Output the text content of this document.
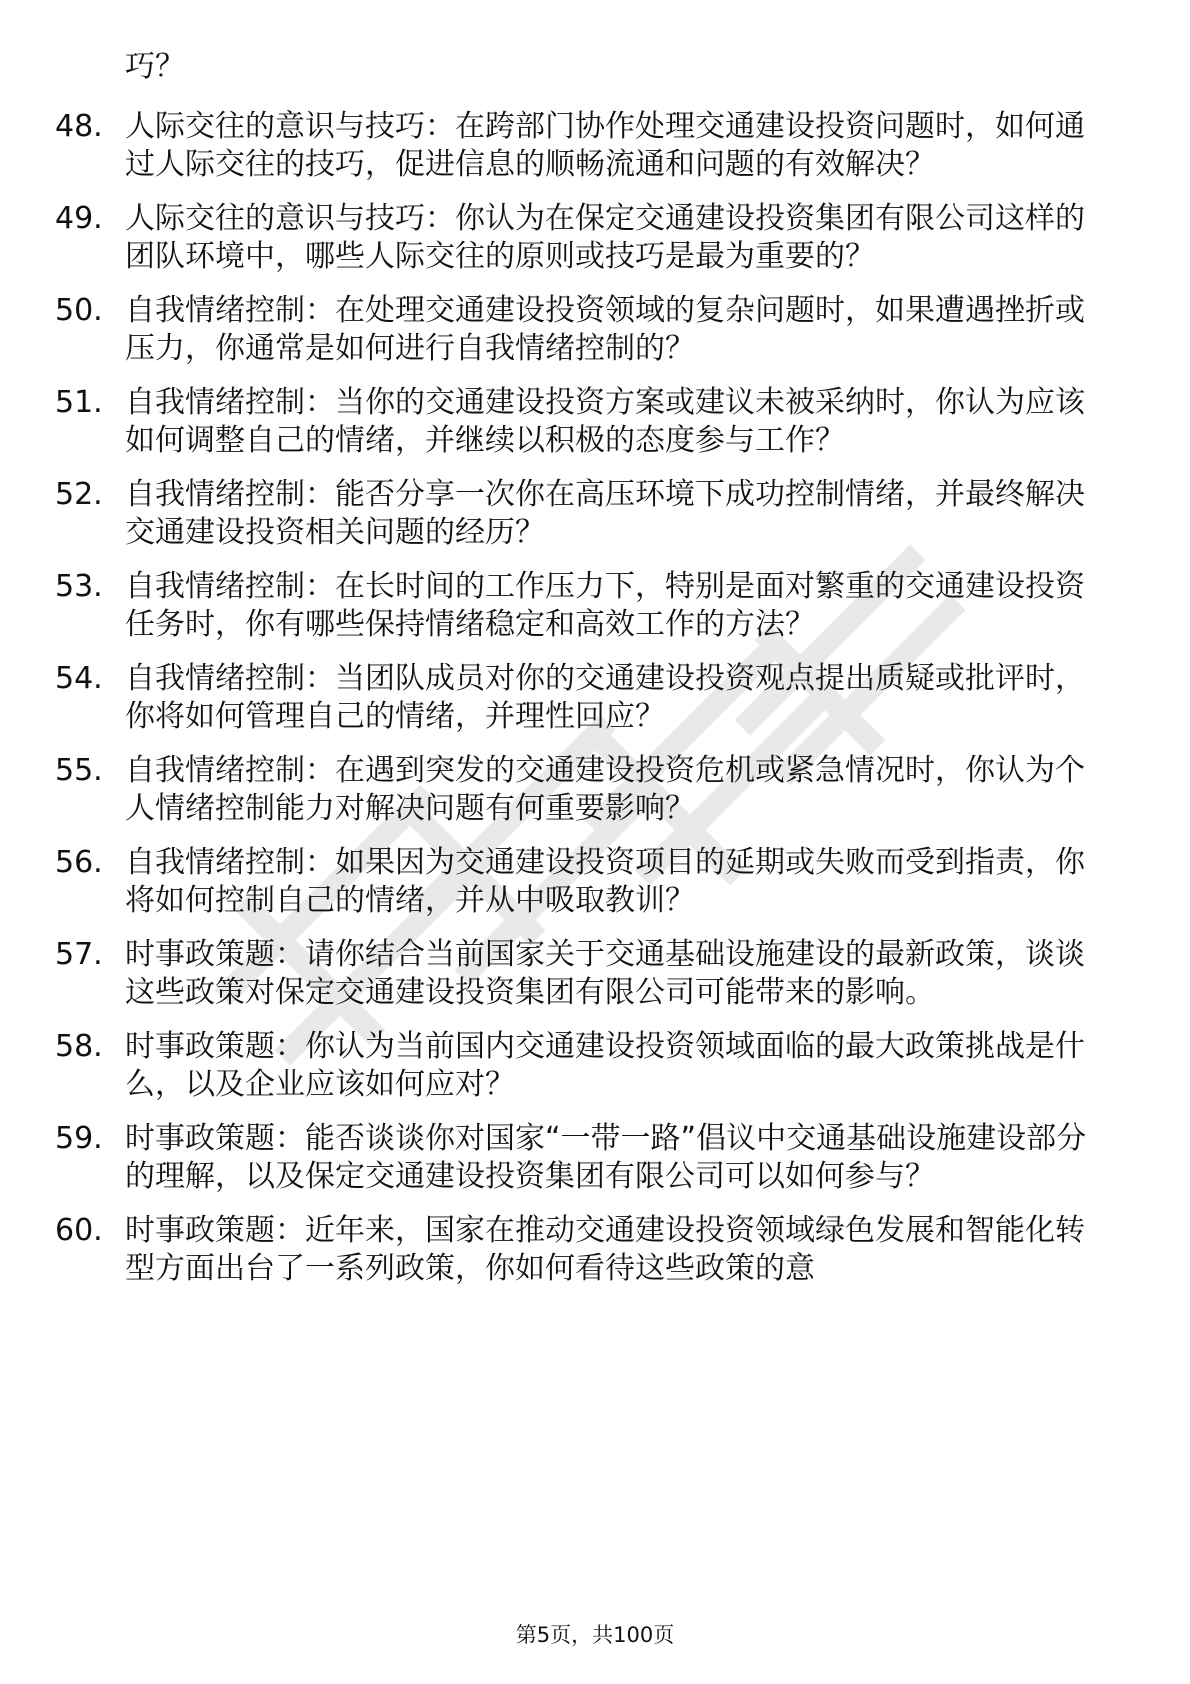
巧？

48. 人际交往的意识与技巧：在跨部门协作处理交通建设投资问题时，如何通过人际交往的技巧，促进信息的顺畅流通和问题的有效解决？
49. 人际交往的意识与技巧：你认为在保定交通建设投资集团有限公司这样的团队环境中，哪些人际交往的原则或技巧是最为重要的？
50. 自我情绪控制：在处理交通建设投资领域的复杂问题时，如果遭遇挫折或压力，你通常是如何进行自我情绪控制的？
51. 自我情绪控制：当你的交通建设投资方案或建议未被采纳时，你认为应该如何调整自己的情绪，并继续以积极的态度参与工作？
52. 自我情绪控制：能否分享一次你在高压环境下成功控制情绪，并最终解决交通建设投资相关问题的经历？
53. 自我情绪控制：在长时间的工作压力下，特别是面对繁重的交通建设投资任务时，你有哪些保持情绪稳定和高效工作的方法？
54. 自我情绪控制：当团队成员对你的交通建设投资观点提出质疑或批评时，你将如何管理自己的情绪，并理性回应？
55. 自我情绪控制：在遇到突发的交通建设投资危机或紧急情况时，你认为个人情绪控制能力对解决问题有何重要影响？
56. 自我情绪控制：如果因为交通建设投资项目的延期或失败而受到指责，你将如何控制自己的情绪，并从中吸取教训？
57. 时事政策题：请你结合当前国家关于交通基础设施建设的最新政策，谈谈这些政策对保定交通建设投资集团有限公司可能带来的影响。
58. 时事政策题：你认为当前国内交通建设投资领域面临的最大政策挑战是什么，以及企业应该如何应对？
59. 时事政策题：能否谈谈你对国家“一带一路”倡议中交通基础设施建设部分的理解，以及保定交通建设投资集团有限公司可以如何参与？
60. 时事政策题：近年来，国家在推动交通建设投资领域绿色发展和智能化转型方面出台了一系列政策，你如何看待这些政策的意
第5页，共100页
